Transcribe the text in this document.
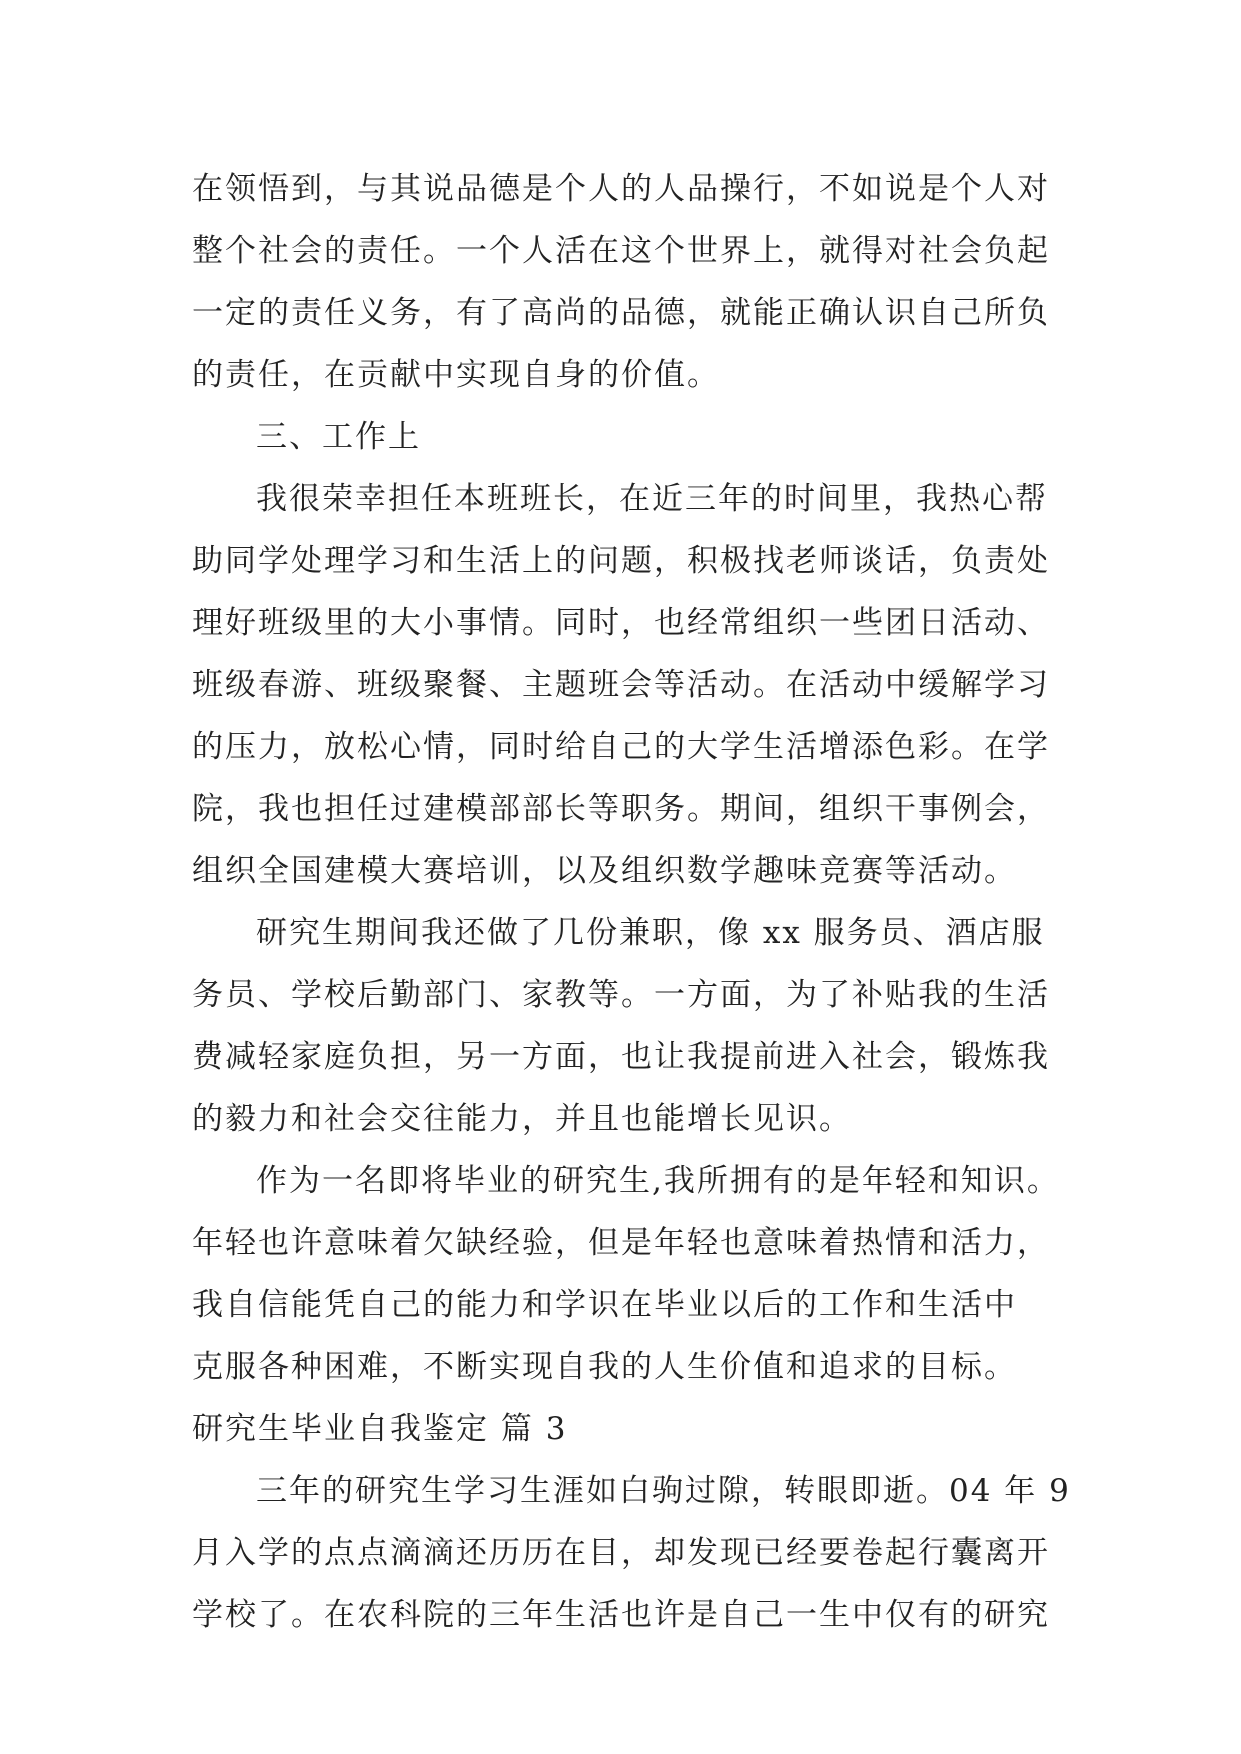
在领悟到，与其说品德是个人的人品操行，不如说是个人对
整个社会的责任。一个人活在这个世界上，就得对社会负起
一定的责任义务，有了高尚的品德，就能正确认识自己所负
的责任，在贡献中实现自身的价值。
三、工作上
我很荣幸担任本班班长，在近三年的时间里，我热心帮
助同学处理学习和生活上的问题，积极找老师谈话，负责处
理好班级里的大小事情。同时，也经常组织一些团日活动、
班级春游、班级聚餐、主题班会等活动。在活动中缓解学习
的压力，放松心情，同时给自己的大学生活增添色彩。在学
院，我也担任过建模部部长等职务。期间，组织干事例会，
组织全国建模大赛培训，以及组织数学趣味竞赛等活动。
研究生期间我还做了几份兼职，像 xx 服务员、酒店服
务员、学校后勤部门、家教等。一方面，为了补贴我的生活
费减轻家庭负担，另一方面，也让我提前进入社会，锻炼我
的毅力和社会交往能力，并且也能增长见识。
作为一名即将毕业的研究生,我所拥有的是年轻和知识。
年轻也许意味着欠缺经验，但是年轻也意味着热情和活力，
我自信能凭自己的能力和学识在毕业以后的工作和生活中
克服各种困难，不断实现自我的人生价值和追求的目标。
研究生毕业自我鉴定 篇 3
三年的研究生学习生涯如白驹过隙，转眼即逝。04 年 9
月入学的点点滴滴还历历在目，却发现已经要卷起行囊离开
学校了。在农科院的三年生活也许是自己一生中仅有的研究
